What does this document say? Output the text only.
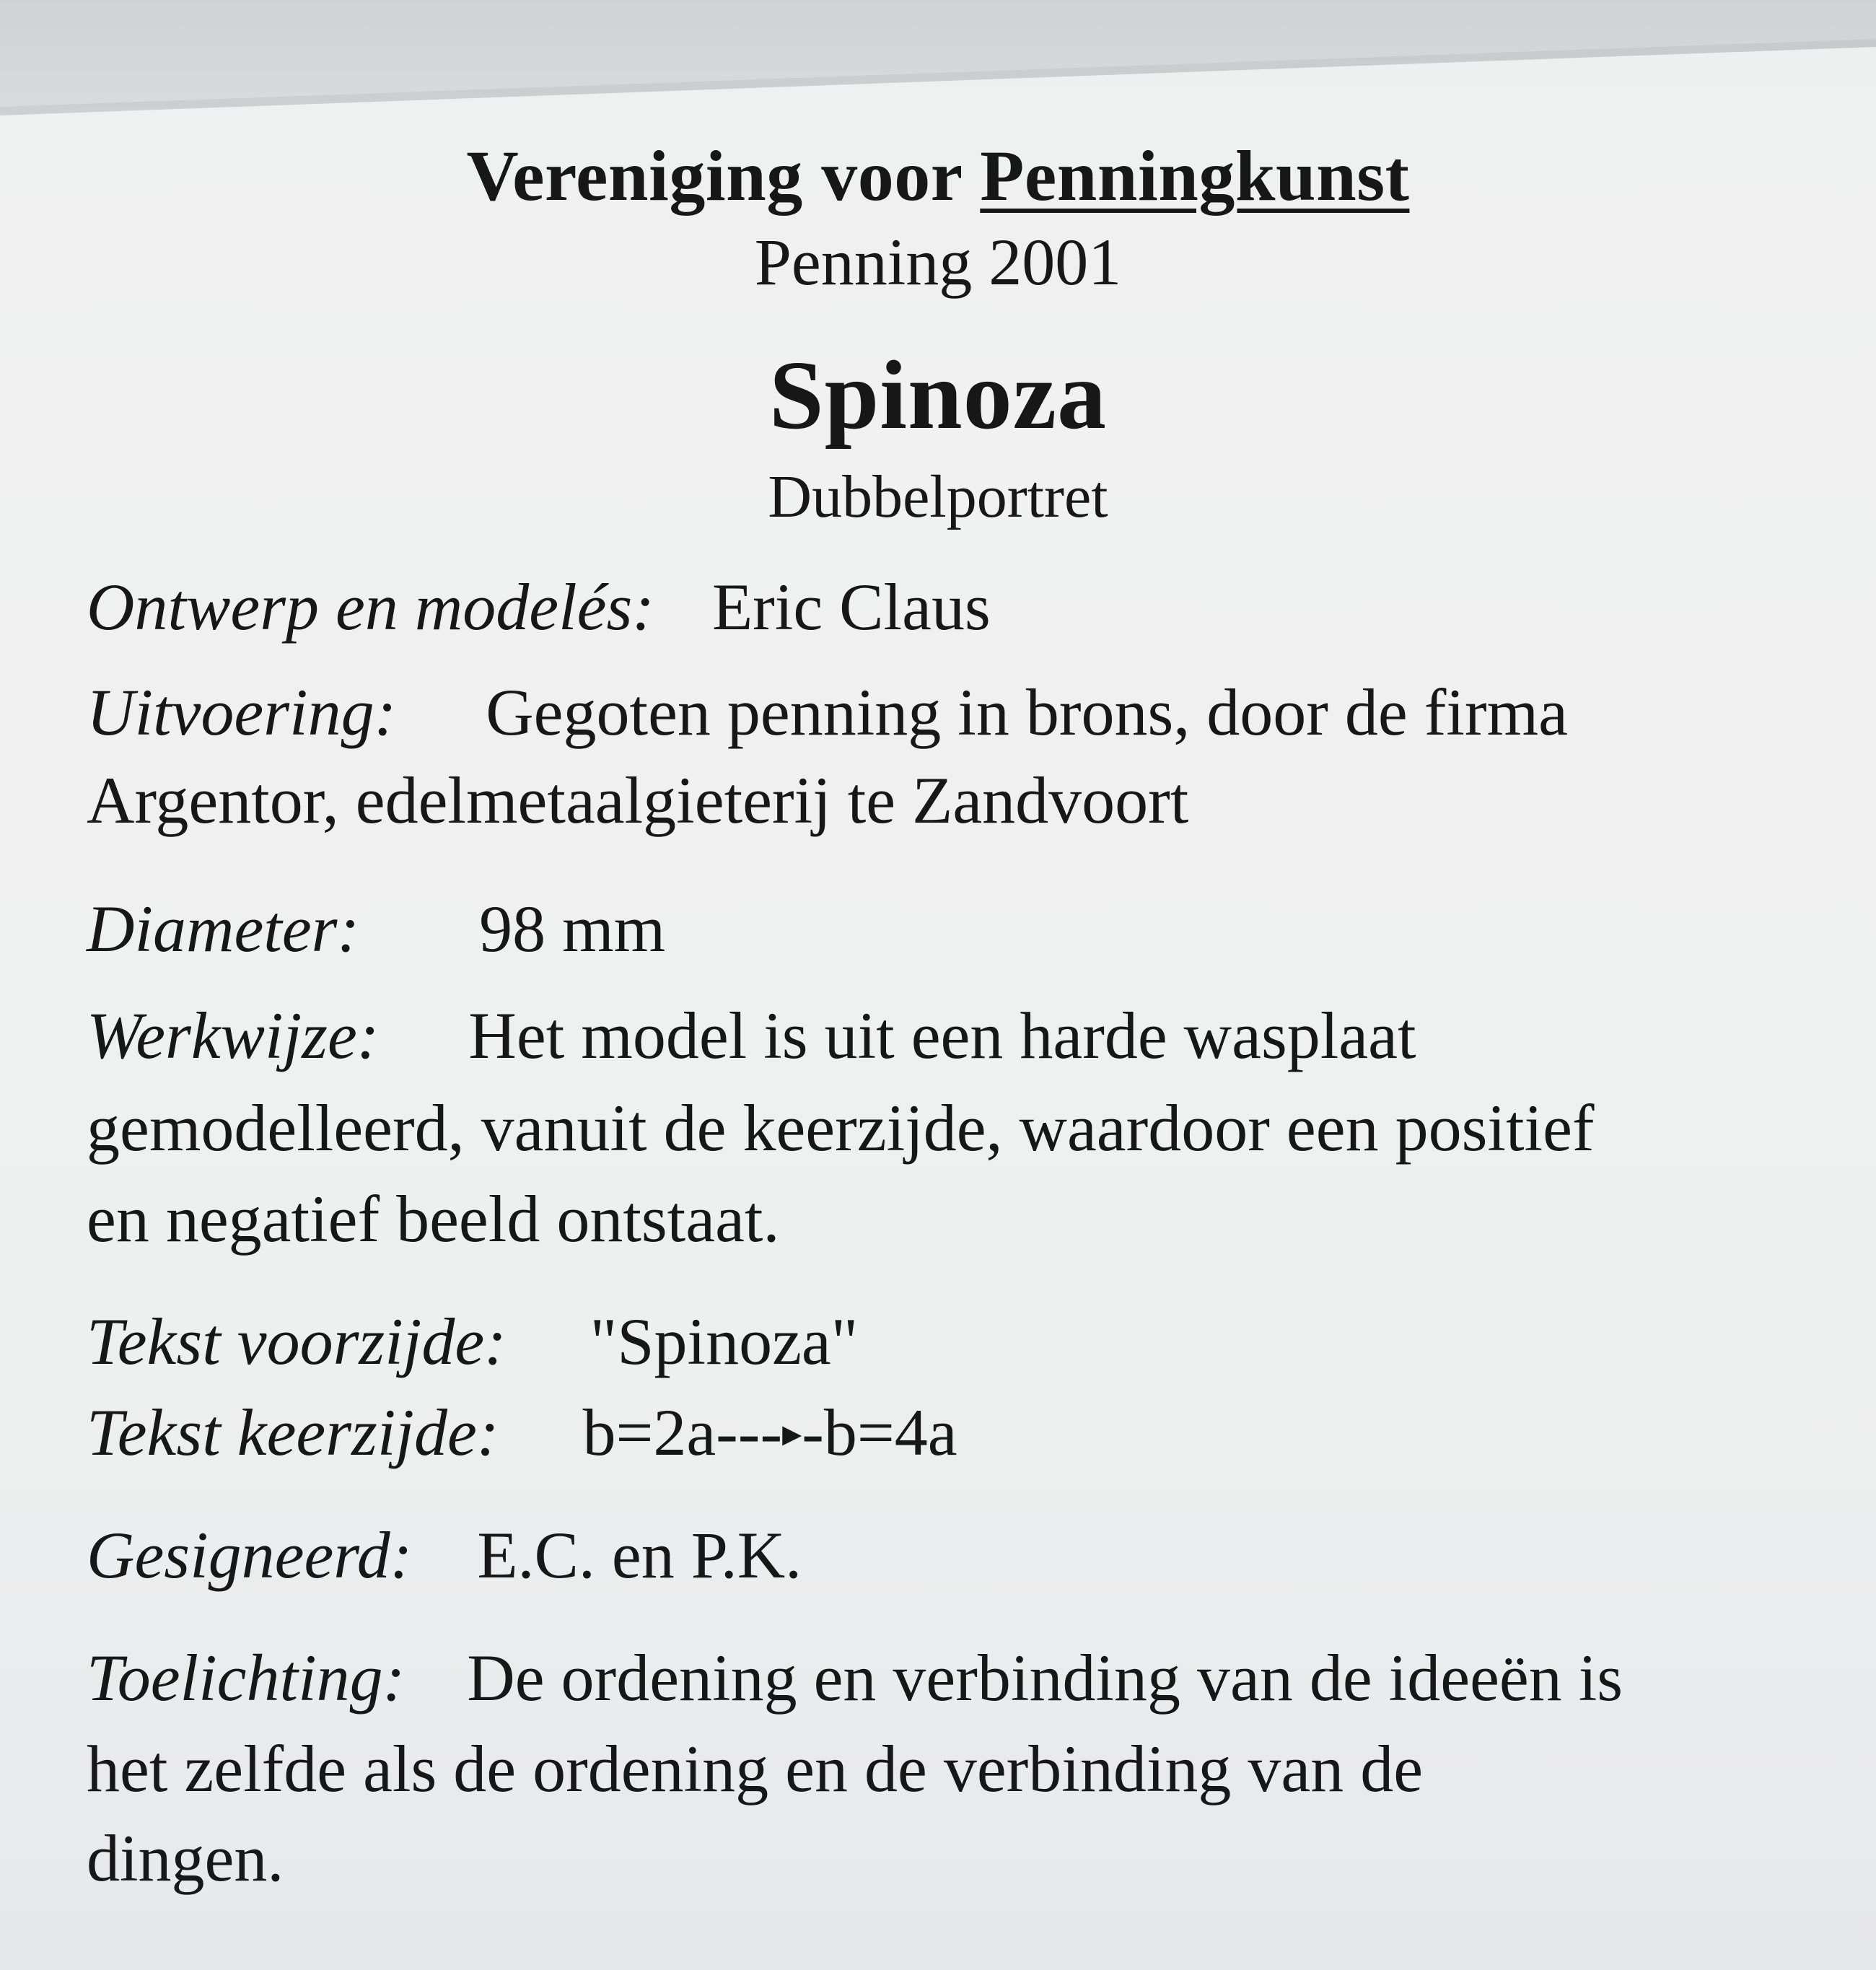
Vereniging voor Penningkunst
Penning 2001
Spinoza
Dubbelportret

Ontwerp en modelés: Eric Claus

Uitvoering: Gegoten penning in brons, door de firma

Argentor, edelmetaalgieterij te Zandvoort

Diameter: 98 mm

Werkwijze: Het model is uit een harde wasplaat

gemodelleerd, vanuit de keerzijde, waardoor een positief

en negatief beeld ontstaat.

Tekst voorzijde: "Spinoza"

Tekst keerzijde: b=2a---▸-b=4a

Gesigneerd: E.C. en P.K.

Toelichting: De ordening en verbinding van de ideeën is

het zelfde als de ordening en de verbinding van de

dingen.
